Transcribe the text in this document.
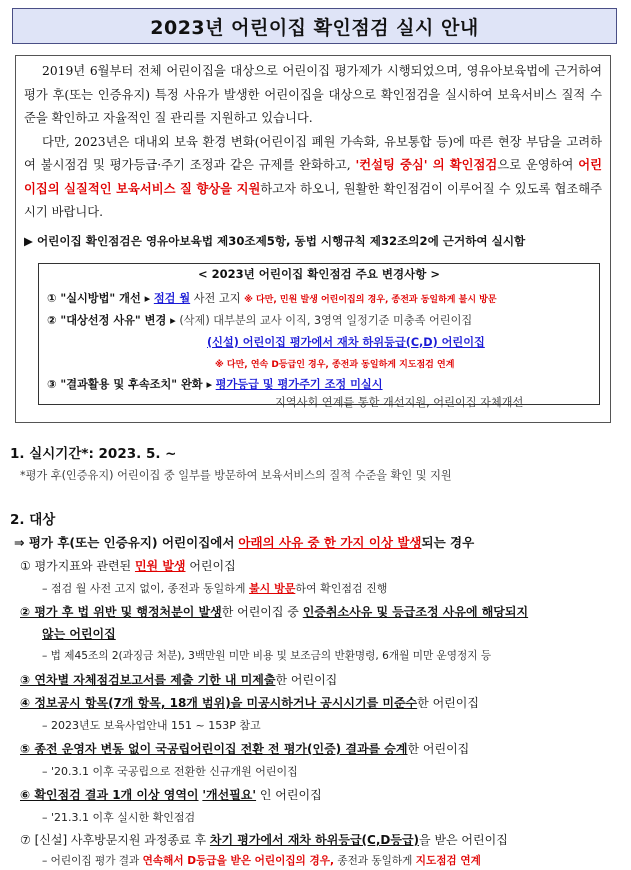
2023년 어린이집 확인점검 실시 안내

2019년 6월부터 전체 어린이집을 대상으로 어린이집 평가제가 시행되었으며, 영유아보육법에 근거하여 평가 후(또는 인증유지) 특정 사유가 발생한 어린이집을 대상으로 확인점검을 실시하여 보육서비스 질적 수준을 확인하고 자율적인 질 관리를 지원하고 있습니다.

다만, 2023년은 대내외 보육 환경 변화(어린이집 폐원 가속화, 유보통합 등)에 따른 현장 부담을 고려하여 불시점검 및 평가등급·주기 조정과 같은 규제를 완화하고, '컨설팅 중심' 의 확인점검으로 운영하여 어린이집의 실질적인 보육서비스 질 향상을 지원하고자 하오니, 원활한 확인점검이 이루어질 수 있도록 협조해주시기 바랍니다.

▶ 어린이집 확인점검은 영유아보육법 제30조제5항, 동법 시행규칙 제32조의2에 근거하여 실시함
< 2023년 어린이집 확인점검 주요 변경사항 >
① "실시방법" 개선 ▸ 점검 월 사전 고지 ※ 다만, 민원 발생 어린이집의 경우, 종전과 동일하게 불시 방문
② "대상선정 사유" 변경 ▸ (삭제) 대부분의 교사 이직, 3영역 일정기준 미충족 어린이집
(신설) 어린이집 평가에서 재차 하위등급(C,D) 어린이집
※ 다만, 연속 D등급인 경우, 종전과 동일하게 지도점검 연계
③ "결과활용 및 후속조치" 완화 ▸ 평가등급 및 평가주기 조정 미실시
지역사회 연계를 통한 개선지원, 어린이집 자체개선
1. 실시기간*: 2023. 5. ~
*평가 후(인증유지) 어린이집 중 일부를 방문하여 보육서비스의 질적 수준을 확인 및 지원
2. 대상
⇒ 평가 후(또는 인증유지) 어린이집에서 아래의 사유 중 한 가지 이상 발생되는 경우
① 평가지표와 관련된 민원 발생 어린이집
– 점검 월 사전 고지 없이, 종전과 동일하게 불시 방문하여 확인점검 진행
② 평가 후 법 위반 및 행정처분이 발생한 어린이집 중 인증취소사유 및 등급조정 사유에 해당되지
않는 어린이집
– 법 제45조의 2(과징금 처분), 3백만원 미만 비용 및 보조금의 반환명령, 6개월 미만 운영정지 등
③ 연차별 자체점검보고서를 제출 기한 내 미제출한 어린이집
④ 정보공시 항목(7개 항목, 18개 범위)을 미공시하거나 공시시기를 미준수한 어린이집
– 2023년도 보육사업안내 151 ~ 153P 참고
⑤ 종전 운영자 변동 없이 국공립어린이집 전환 전 평가(인증) 결과를 승계한 어린이집
– '20.3.1 이후 국공립으로 전환한 신규개원 어린이집
⑥ 확인점검 결과 1개 이상 영역이 '개선필요' 인 어린이집
– '21.3.1 이후 실시한 확인점검
⑦ [신설] 사후방문지원 과정종료 후 차기 평가에서 재차 하위등급(C,D등급)을 받은 어린이집
– 어린이집 평가 결과 연속해서 D등급을 받은 어린이집의 경우, 종전과 동일하게 지도점검 연계
